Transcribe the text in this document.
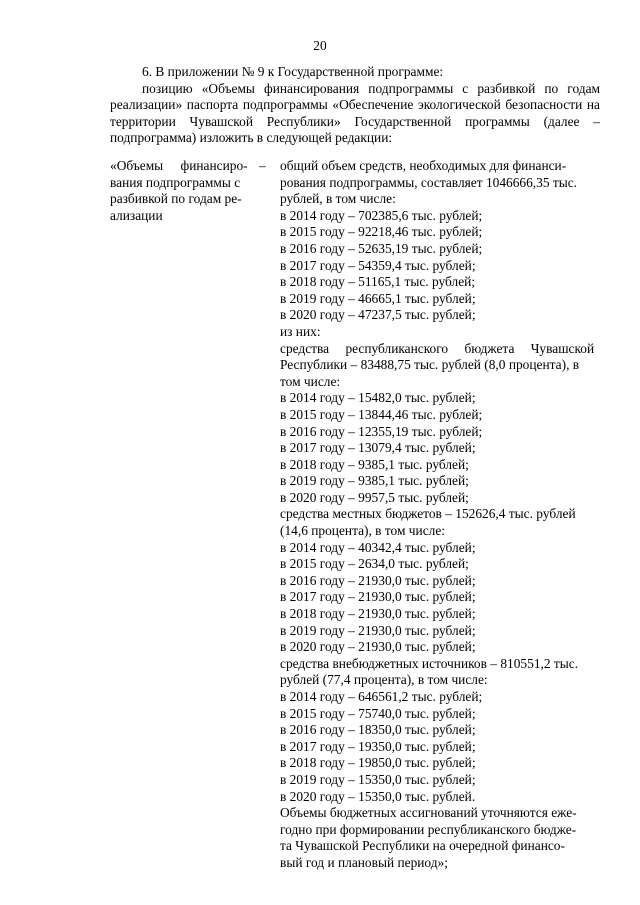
20

6. В приложении № 9 к Государственной программе:

позицию «Объемы финансирования подпрограммы с разбивкой по годам реализации» паспорта подпрограммы «Обеспечение экологической безопасности на территории Чувашской Республики» Государственной программы (далее – подпрограмма) изложить в следующей редакции:

«Объемы финансиро-
вания подпрограммы с
разбивкой по годам ре-
ализации
– общий объем средств, необходимых для финанси-
рования подпрограммы, составляет 1046666,35 тыс.
рублей, в том числе:
в 2014 году – 702385,6 тыс. рублей;
в 2015 году – 92218,46 тыс. рублей;
в 2016 году – 52635,19 тыс. рублей;
в 2017 году – 54359,4 тыс. рублей;
в 2018 году – 51165,1 тыс. рублей;
в 2019 году – 46665,1 тыс. рублей;
в 2020 году – 47237,5 тыс. рублей;
из них:
средства республиканского бюджета Чувашской
Республики – 83488,75 тыс. рублей (8,0 процента), в
том числе:
в 2014 году – 15482,0 тыс. рублей;
в 2015 году – 13844,46 тыс. рублей;
в 2016 году – 12355,19 тыс. рублей;
в 2017 году – 13079,4 тыс. рублей;
в 2018 году – 9385,1 тыс. рублей;
в 2019 году – 9385,1 тыс. рублей;
в 2020 году – 9957,5 тыс. рублей;
средства местных бюджетов – 152626,4 тыс. рублей
(14,6 процента), в том числе:
в 2014 году – 40342,4 тыс. рублей;
в 2015 году – 2634,0 тыс. рублей;
в 2016 году – 21930,0 тыс. рублей;
в 2017 году – 21930,0 тыс. рублей;
в 2018 году – 21930,0 тыс. рублей;
в 2019 году – 21930,0 тыс. рублей;
в 2020 году – 21930,0 тыс. рублей;
средства внебюджетных источников – 810551,2 тыс.
рублей (77,4 процента), в том числе:
в 2014 году – 646561,2 тыс. рублей;
в 2015 году – 75740,0 тыс. рублей;
в 2016 году – 18350,0 тыс. рублей;
в 2017 году – 19350,0 тыс. рублей;
в 2018 году – 19850,0 тыс. рублей;
в 2019 году – 15350,0 тыс. рублей;
в 2020 году – 15350,0 тыс. рублей.
Объемы бюджетных ассигнований уточняются еже-
годно при формировании республиканского бюдже-
та Чувашской Республики на очередной финансо-
вый год и плановый период»;
